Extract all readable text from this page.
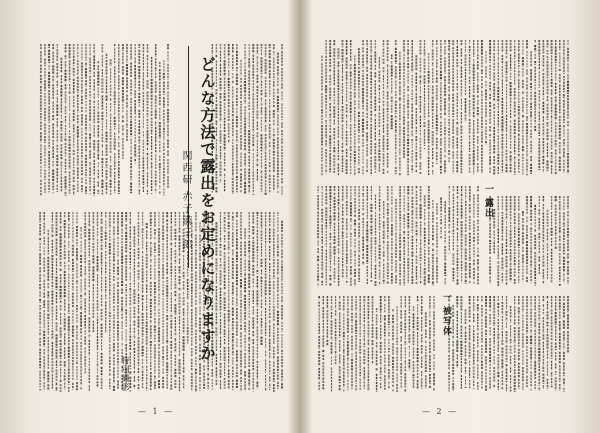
どんな方法で露出をお定めになりますか
関西研 赤子満三郎	一 露出
一 被写体
特別撮影
— 1 —	— 2 —
